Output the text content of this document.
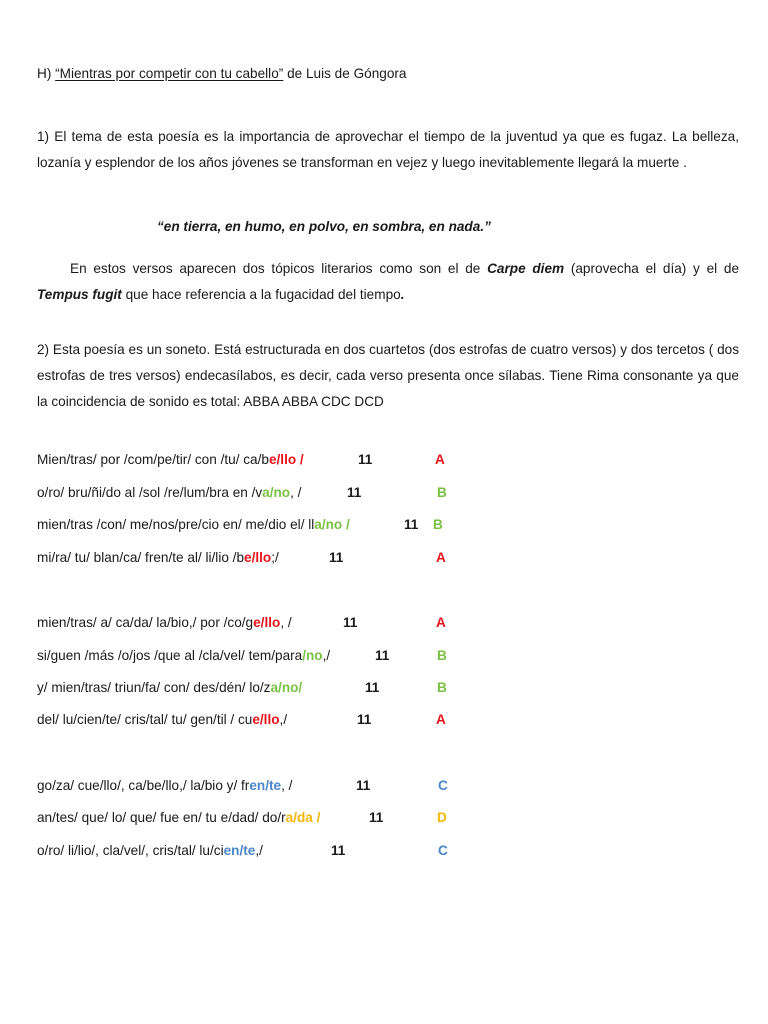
H) “Mientras por competir con tu cabello” de Luis de Góngora
1) El tema de esta poesía es la importancia de aprovechar el tiempo de la juventud ya que es fugaz. La belleza, lozanía y esplendor de los años jóvenes se transforman en vejez y luego inevitablemente llegará la muerte .
“en tierra, en humo, en polvo, en sombra, en nada.”
En estos versos aparecen dos tópicos literarios como son el de Carpe diem (aprovecha el día) y el de Tempus fugit que hace referencia a la fugacidad del tiempo.
2) Esta poesía es un soneto. Está estructurada en dos cuartetos (dos estrofas de cuatro versos) y dos tercetos ( dos estrofas de tres versos) endecasílabos, es decir, cada verso presenta once sílabas. Tiene Rima consonante ya que la coincidencia de sonido es total: ABBA ABBA CDC DCD
Mien/tras/ por /com/pe/tir/ con /tu/ ca/be/llo /	11	A
o/ro/ bru/ñi/do al /sol /re/lum/bra en /va/no, /	11	B
mien/tras /con/ me/nos/pre/cio en/ me/dio el/ lla/no /	11 B
mi/ra/ tu/ blan/ca/ fren/te al/ li/lio /be/llo;/	11	A
mien/tras/ a/ ca/da/ la/bio,/ por /co/ge/llo, /	11	A
si/guen /más /o/jos /que al /cla/vel/ tem/para/no,/	11	B
y/ mien/tras/ triun/fa/ con/ des/dén/ lo/za/no/	11	B
del/ lu/cien/te/ cris/tal/ tu/ gen/til / cue/llo,/	11	A
go/za/ cue/llo/, ca/be/llo,/ la/bio y/ fren/te, /	11	C
an/tes/ que/ lo/ que/ fue en/ tu e/dad/ do/ra/da /	11	D
o/ro/ li/lio/, cla/vel/, cris/tal/ lu/cien/te,/	11	C
